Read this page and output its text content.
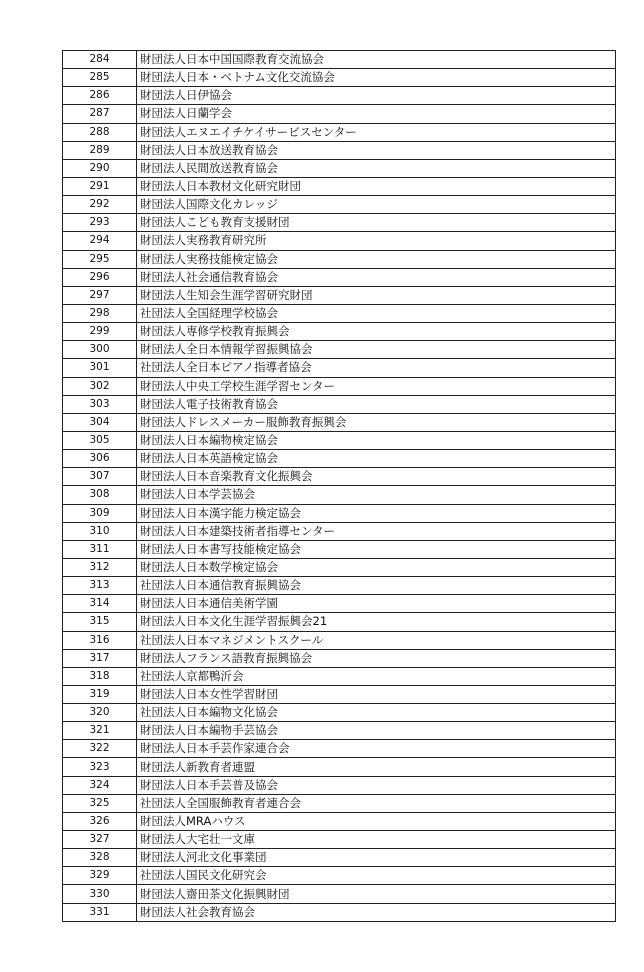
284	財団法人日本中国国際教育交流協会
285	財団法人日本・ベトナム文化交流協会
286	財団法人日伊協会
287	財団法人日蘭学会
288	財団法人エヌエイチケイサービスセンター
289	財団法人日本放送教育協会
290	財団法人民間放送教育協会
291	財団法人日本教材文化研究財団
292	財団法人国際文化カレッジ
293	財団法人こども教育支援財団
294	財団法人実務教育研究所
295	財団法人実務技能検定協会
296	財団法人社会通信教育協会
297	財団法人生知会生涯学習研究財団
298	社団法人全国経理学校協会
299	財団法人専修学校教育振興会
300	財団法人全日本情報学習振興協会
301	社団法人全日本ピアノ指導者協会
302	財団法人中央工学校生涯学習センター
303	財団法人電子技術教育協会
304	財団法人ドレスメーカー服飾教育振興会
305	財団法人日本編物検定協会
306	財団法人日本英語検定協会
307	財団法人日本音楽教育文化振興会
308	財団法人日本学芸協会
309	財団法人日本漢字能力検定協会
310	財団法人日本建築技術者指導センター
311	財団法人日本書写技能検定協会
312	財団法人日本数学検定協会
313	社団法人日本通信教育振興協会
314	財団法人日本通信美術学園
315	財団法人日本文化生涯学習振興会21
316	社団法人日本マネジメントスクール
317	財団法人フランス語教育振興協会
318	社団法人京都鴨沂会
319	財団法人日本女性学習財団
320	社団法人日本編物文化協会
321	財団法人日本編物手芸協会
322	財団法人日本手芸作家連合会
323	財団法人新教育者連盟
324	財団法人日本手芸普及協会
325	社団法人全国服飾教育者連合会
326	財団法人MRAハウス
327	財団法人大宅壮一文庫
328	財団法人河北文化事業団
329	社団法人国民文化研究会
330	財団法人齋田茶文化振興財団
331	財団法人社会教育協会
